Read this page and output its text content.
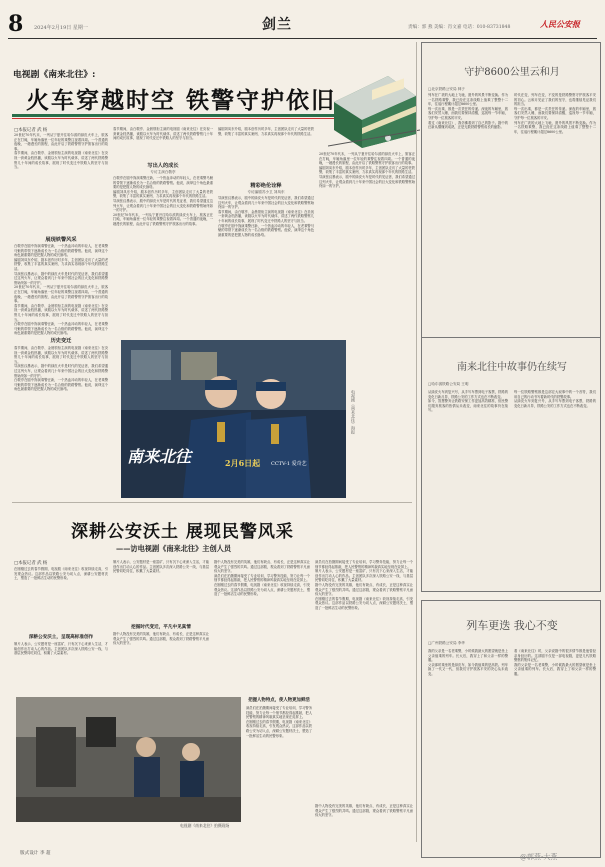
8 2024年2月19日 星期一	剑兰	责编：郭 燕 美编：肖文嘉 电话：010-83731848	人民公安报
电视剧《南来北往》:
火车穿越时空 铁警守护依旧
□本报记者 武 杨

20世纪70年代末，一列从宁夏开往哈尔滨的绿皮火车上，旅客正在打盹，车厢角落里一位年轻的乘警注视着四周。一个普通的夜晚，一趟漫长的旅程，由此开启了铁路警察守护旅客出行的故事。

春节期间，由白敬亭、金晨领衔主演的电视剧《南来北往》在央视一套黄金档热播，该剧以火车为时代载体，讲述了两代铁路警察几十年间的成长故事，展现了时代变迁中铁路人的坚守与担当。

展现铁警风采

白敬亭在剧中饰演乘警汪新，一个热血冲动的年轻人，在老乘警马魁的带领下逐渐成长为一名合格的铁路警察。他说，演绎这个角色最重要的是把握人物的成长脉络。

编剧刘凤东介绍，剧本创作历时多年，主创团队走访了大量的老铁警，收集了丰富的真实案例，力求真实再现那个年代的铁路生活。

导演张汉墨表示，剧中的绿皮火车是时代的见证者，我们希望通过这列火车，让观众看到几十年来中国社会的巨大变化和铁路警察始终如一的守护。

20世纪70年代末，一列从宁夏开往哈尔滨的绿皮火车上，旅客正在打盹，车厢角落里一位年轻的乘警注视着四周。一个普通的夜晚，一趟漫长的旅程，由此开启了铁路警察守护旅客出行的故事。

春节期间，由白敬亭、金晨领衔主演的电视剧《南来北往》在央视一套黄金档热播，该剧以火车为时代载体，讲述了两代铁路警察几十年间的成长故事，展现了时代变迁中铁路人的坚守与担当。

白敬亭在剧中饰演乘警汪新，一个热血冲动的年轻人，在老乘警马魁的带领下逐渐成长为一名合格的铁路警察。他说，演绎这个角色最重要的是把握人物的成长脉络。

春节期间，由白敬亭、金晨领衔主演的电视剧《南来北往》在央视一套黄金档热播，该剧以火车为时代载体，讲述了两代铁路警察几十年间的成长故事，展现了时代变迁中铁路人的坚守与担当。

写出人的成长
专访主演白敬亭

白敬亭在剧中饰演乘警汪新，一个热血冲动的年轻人，在老乘警马魁的带领下逐渐成长为一名合格的铁路警察。他说，演绎这个角色最重要的是把握人物的成长脉络。

编剧刘凤东介绍，剧本创作历时多年，主创团队走访了大量的老铁警，收集了丰富的真实案例，力求真实再现那个年代的铁路生活。

导演张汉墨表示，剧中的绿皮火车是时代的见证者，我们希望通过这列火车，让观众看到几十年来中国社会的巨大变化和铁路警察始终如一的守护。

20世纪70年代末，一列从宁夏开往哈尔滨的绿皮火车上，旅客正在打盹，车厢角落里一位年轻的乘警注视着四周。一个普通的夜晚，一趟漫长的旅程，由此开启了铁路警察守护旅客出行的故事。

编剧刘凤东介绍，剧本创作历时多年，主创团队走访了大量的老铁警，收集了丰富的真实案例，力求真实再现那个年代的铁路生活。

精彩绝伦诠释
专访编剧苏小卫 刘凤东

导演张汉墨表示，剧中的绿皮火车是时代的见证者，我们希望通过这列火车，让观众看到几十年来中国社会的巨大变化和铁路警察始终如一的守护。

春节期间，由白敬亭、金晨领衔主演的电视剧《南来北往》在央视一套黄金档热播，该剧以火车为时代载体，讲述了两代铁路警察几十年间的成长故事，展现了时代变迁中铁路人的坚守与担当。

白敬亭在剧中饰演乘警汪新，一个热血冲动的年轻人，在老乘警马魁的带领下逐渐成长为一名合格的铁路警察。他说，演绎这个角色最重要的是把握人物的成长脉络。

20世纪70年代末，一列从宁夏开往哈尔滨的绿皮火车上，旅客正在打盹，车厢角落里一位年轻的乘警注视着四周。一个普通的夜晚，一趟漫长的旅程，由此开启了铁路警察守护旅客出行的故事。

编剧刘凤东介绍，剧本创作历时多年，主创团队走访了大量的老铁警，收集了丰富的真实案例，力求真实再现那个年代的铁路生活。

导演张汉墨表示，剧中的绿皮火车是时代的见证者，我们希望通过这列火车，让观众看到几十年来中国社会的巨大变化和铁路警察始终如一的守护。

南来北往	2月6日起 CCTV-1 爱奇艺
电视剧《南来北往》海报
历史变迁

春节期间，由白敬亭、金晨领衔主演的电视剧《南来北往》在央视一套黄金档热播，该剧以火车为时代载体，讲述了两代铁路警察几十年间的成长故事，展现了时代变迁中铁路人的坚守与担当。

导演张汉墨表示，剧中的绿皮火车是时代的见证者，我们希望通过这列火车，让观众看到几十年来中国社会的巨大变化和铁路警察始终如一的守护。

白敬亭在剧中饰演乘警汪新，一个热血冲动的年轻人，在老乘警马魁的带领下逐渐成长为一名合格的铁路警察。他说，演绎这个角色最重要的是把握人物的成长脉络。

深耕公安沃土 展现民警风采
——访电视剧《南来北往》主创人员
□本报记者 武 杨

在刚刚过去的春节假期，电视剧《南来北往》收视持续走高，引发观众热议。这部作品以铁路公安为切入点，深耕公安题材沃土，塑造了一批鲜活生动的民警形象。

深耕公安沃土，呈现高标准创作

制片人表示，公安题材是一座富矿，只有沉下心来深入生活，才能创作出打动人心的作品。主创团队多次深入铁路公安一线，与基层民警同吃同住，积累了大量素材。

制片人表示，公安题材是一座富矿，只有沉下心来深入生活，才能创作出打动人心的作品。主创团队多次深入铁路公安一线，与基层民警同吃同住，积累了大量素材。

挖掘时代变迁，平凡中见真情

剧中人物没有完美的英雄，他们有缺点、有成长，正是这种真实让观众产生了强烈的共鸣。通过这部剧，观众看到了铁路警察平凡而伟大的坚守。

剧中人物没有完美的英雄，他们有缺点、有成长，正是这种真实让观众产生了强烈的共鸣。通过这部剧，观众看到了铁路警察平凡而伟大的坚守。

演员们在拍摄期间接受了专业培训，学习警务技能，努力让每一个细节都经得起推敲，把人民警察的精神风貌真实地呈现在荧屏上。

在刚刚过去的春节假期，电视剧《南来北往》收视持续走高，引发观众热议。这部作品以铁路公安为切入点，深耕公安题材沃土，塑造了一批鲜活生动的民警形象。

演员们在拍摄期间接受了专业培训，学习警务技能，努力让每一个细节都经得起推敲，把人民警察的精神风貌真实地呈现在荧屏上。

制片人表示，公安题材是一座富矿，只有沉下心来深入生活，才能创作出打动人心的作品。主创团队多次深入铁路公安一线，与基层民警同吃同住，积累了大量素材。

剧中人物没有完美的英雄，他们有缺点、有成长，正是这种真实让观众产生了强烈的共鸣。通过这部剧，观众看到了铁路警察平凡而伟大的坚守。

在刚刚过去的春节假期，电视剧《南来北往》收视持续走高，引发观众热议。这部作品以铁路公安为切入点，深耕公安题材沃土，塑造了一批鲜活生动的民警形象。

电视剧《南来北往》拍摄现场
把握人物特点，使人物更加鲜活

演员们在拍摄期间接受了专业培训，学习警务技能，努力让每一个细节都经得起推敲，把人民警察的精神风貌真实地呈现在荧屏上。

在刚刚过去的春节假期，电视剧《南来北往》收视持续走高，引发观众热议。这部作品以铁路公安为切入点，深耕公安题材沃土，塑造了一批鲜活生动的民警形象。

剧中人物没有完美的英雄，他们有缺点、有成长，正是这种真实让观众产生了强烈的共鸣。通过这部剧，观众看到了铁路警察平凡而伟大的坚守。

守护8600公里云和月
□北京铁路公安局 林子

列车在广袤的大地上飞驰，窗外的风景不断变换。作为一名铁路乘警，我已经在这条线路上值乘了整整十二年，往返行程累计超过8600公里。

每一次出乘，都是一次责任的传递。深夜的车厢里，旅客们安然入睡，而我们要保持清醒，巡视每一节车厢，守护每一位旅客的平安。

看过《南来北往》，我仿佛看到了自己的影子。剧中的汪新从懵懂到成熟，正是无数铁路警察成长的缩影。

时代在变，列车在变，不变的是铁路警察守护旅客平安的初心。云和月见证了我们的坚守，也将继续见证我们的担当。

每一次出乘，都是一次责任的传递。深夜的车厢里，旅客们安然入睡，而我们要保持清醒，巡视每一节车厢，守护每一位旅客的平安。

列车在广袤的大地上飞驰，窗外的风景不断变换。作为一名铁路乘警，我已经在这条线路上值乘了整整十二年，往返行程累计超过8600公里。

南来北往中故事仍在续写
□哈尔滨铁路公安局 王明

从绿皮火车到复兴号，从手写车票到电子客票，铁路的变化日新月异，铁路公安的工作方式也在不断改变。

如今，智慧警务让铁路安保工作更加高效精准，但民警们服务旅客的热情从未改变，南来北往的故事仍在续写。

每一位铁路警察都是这部宏大叙事中的一个音符，我们用自己的行动书写着新时代的铁警故事。

从绿皮火车到复兴号，从手写车票到电子客票，铁路的变化日新月异，铁路公安的工作方式也在不断改变。

列车更迭 我心不变
□广州铁路公安局 李华

我的父亲是一名老乘警，小时候我最大的愿望就是坐上父亲值乘的列车。长大后，我穿上了和父亲一样的警服。

父亲那时乘坐的是绿皮车，如今我值乘的是高铁。列车换了一代又一代，但我们守护旅客平安的决心从未改变。

看《南来北往》时，父亲说剧中的很多情节都是他曾经亲身经历的。这部剧不仅是一部电视剧，更是几代铁路警察的集体记忆。

我的父亲是一名老乘警，小时候我最大的愿望就是坐上父亲值乘的列车。长大后，我穿上了和父亲一样的警服。

版式设计 李 超	@郭燕-大燕
